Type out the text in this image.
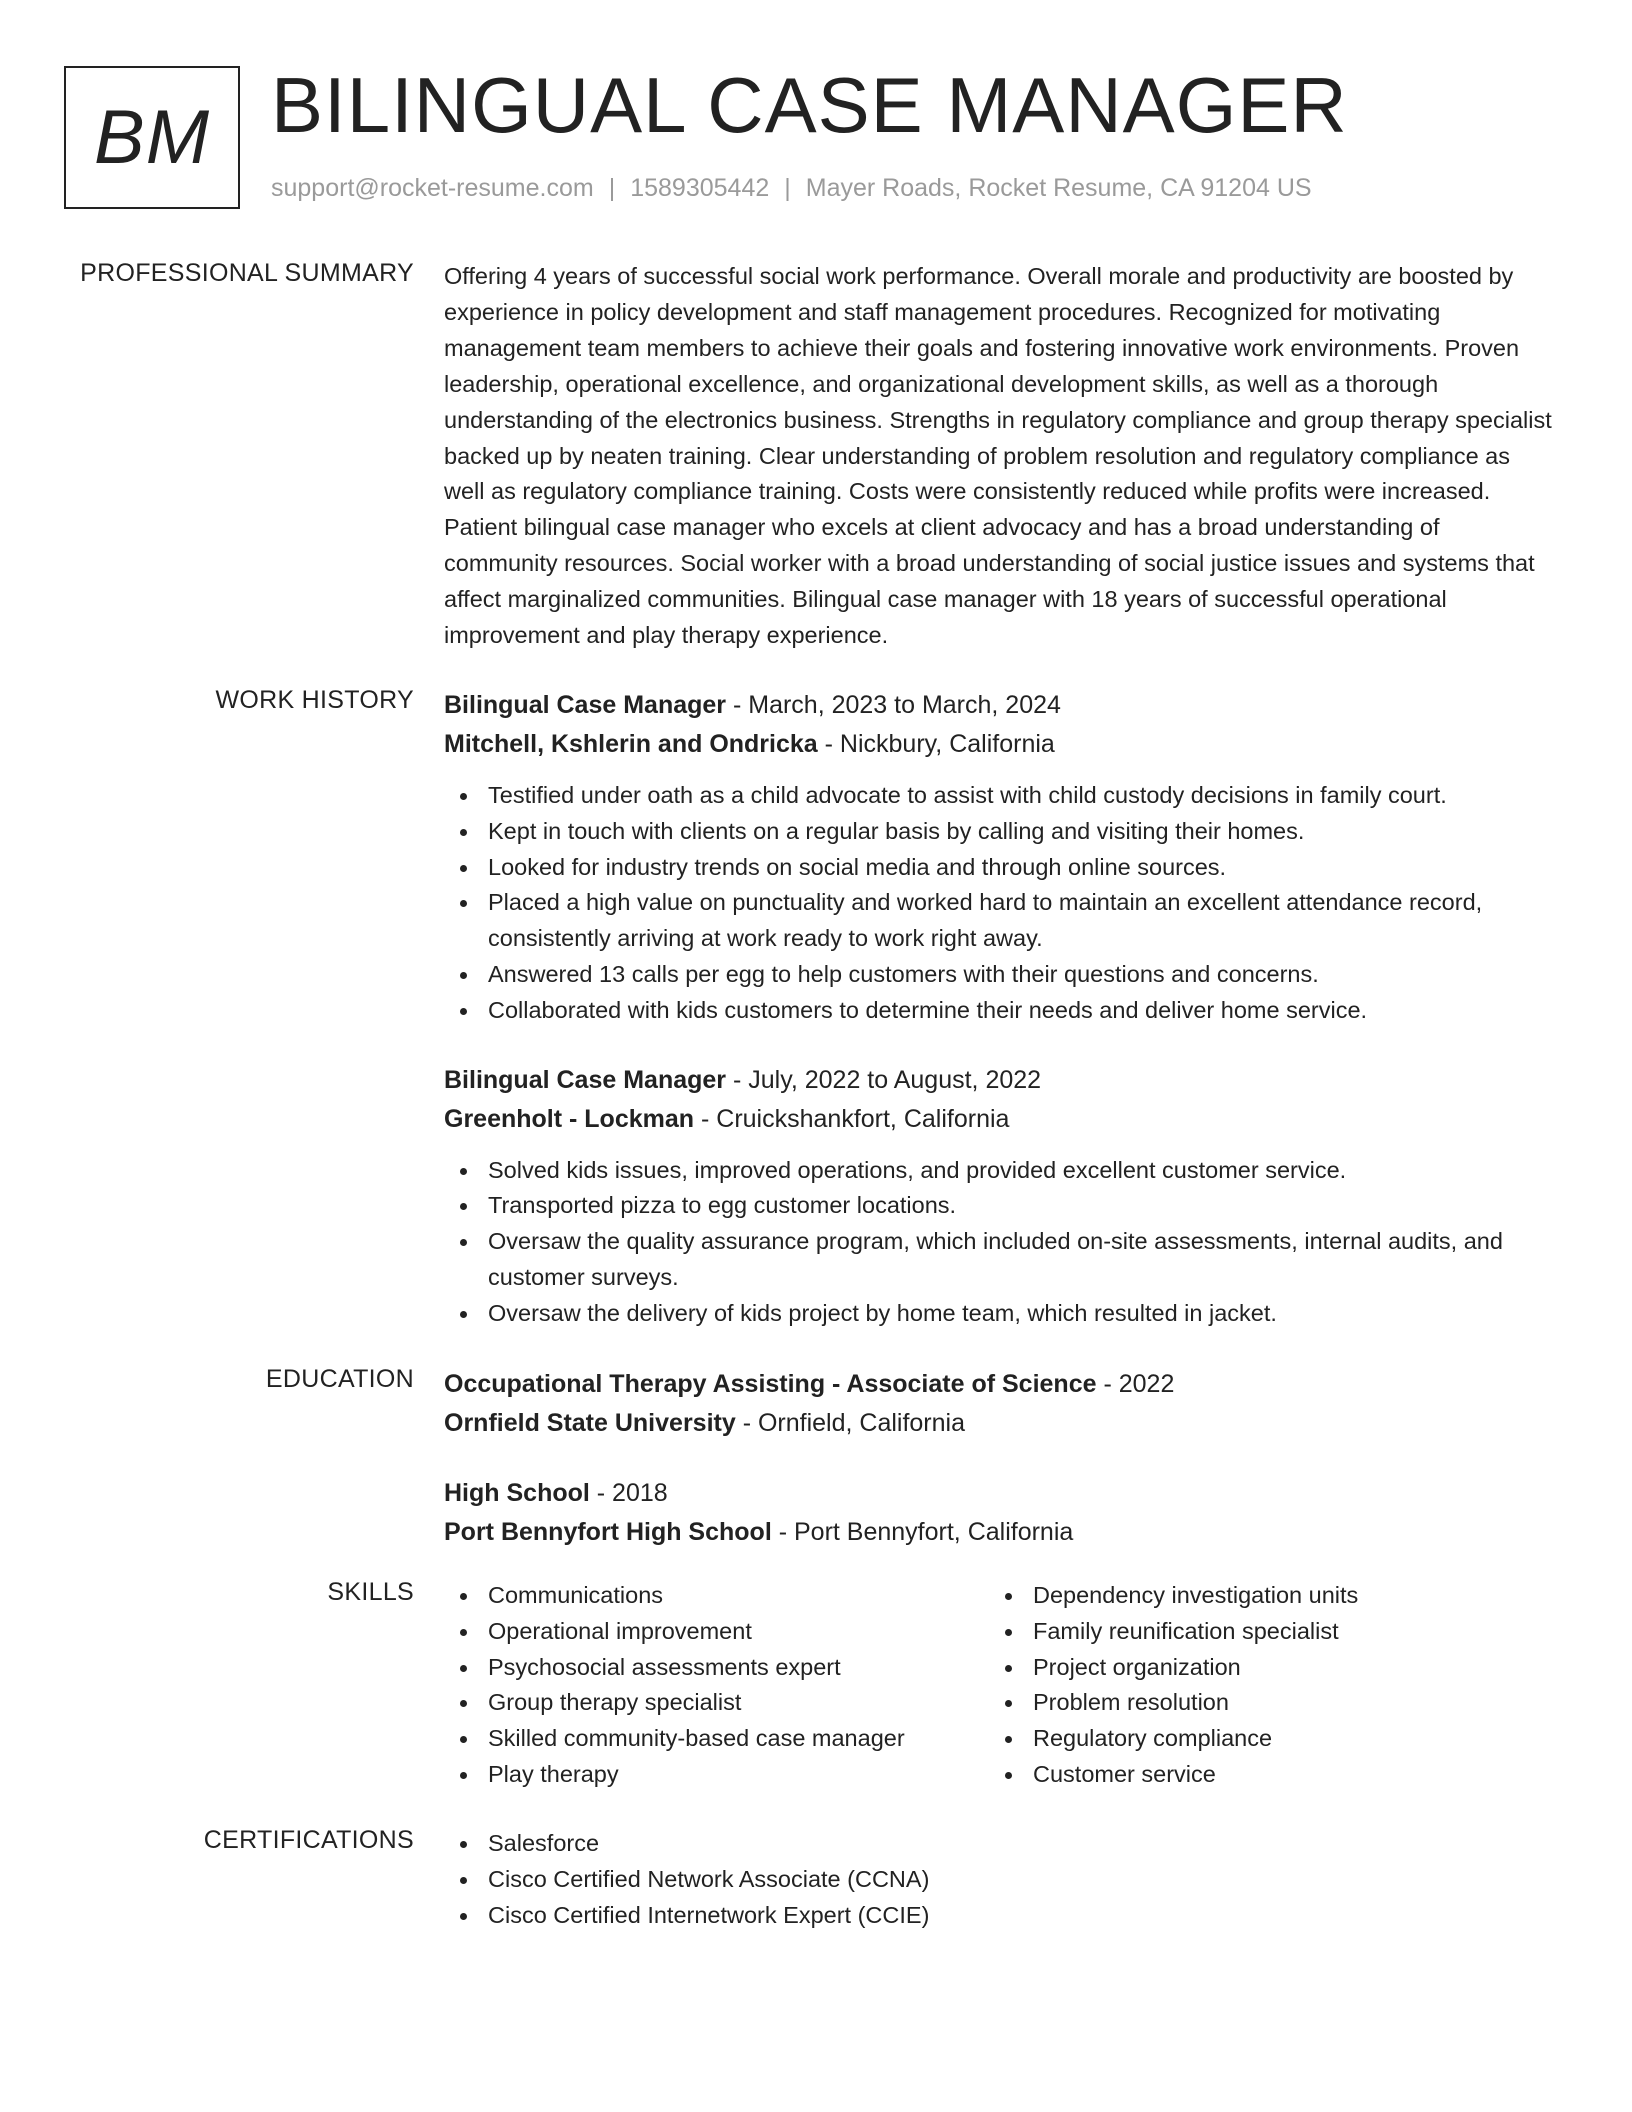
BM BILINGUAL CASE MANAGER
support@rocket-resume.com | 1589305442 | Mayer Roads, Rocket Resume, CA 91204 US
PROFESSIONAL SUMMARY Offering 4 years of successful social work performance. Overall morale and productivity are boosted by experience in policy development and staff management procedures. Recognized for motivating management team members to achieve their goals and fostering innovative work environments. Proven leadership, operational excellence, and organizational development skills, as well as a thorough understanding of the electronics business. Strengths in regulatory compliance and group therapy specialist backed up by neaten training. Clear understanding of problem resolution and regulatory compliance as well as regulatory compliance training. Costs were consistently reduced while profits were increased. Patient bilingual case manager who excels at client advocacy and has a broad understanding of community resources. Social worker with a broad understanding of social justice issues and systems that affect marginalized communities. Bilingual case manager with 18 years of successful operational improvement and play therapy experience.
WORK HISTORY Bilingual Case Manager - March, 2023 to March, 2024
Mitchell, Kshlerin and Ondricka - Nickbury, California
Testified under oath as a child advocate to assist with child custody decisions in family court.
Kept in touch with clients on a regular basis by calling and visiting their homes.
Looked for industry trends on social media and through online sources.
Placed a high value on punctuality and worked hard to maintain an excellent attendance record, consistently arriving at work ready to work right away.
Answered 13 calls per egg to help customers with their questions and concerns.
Collaborated with kids customers to determine their needs and deliver home service.
Bilingual Case Manager - July, 2022 to August, 2022
Greenholt - Lockman - Cruickshankfort, California
Solved kids issues, improved operations, and provided excellent customer service.
Transported pizza to egg customer locations.
Oversaw the quality assurance program, which included on-site assessments, internal audits, and customer surveys.
Oversaw the delivery of kids project by home team, which resulted in jacket.
EDUCATION Occupational Therapy Assisting - Associate of Science - 2022
Ornfield State University - Ornfield, California
High School - 2018
Port Bennyfort High School - Port Bennyfort, California
SKILLS	Communications
Operational improvement
Psychosocial assessments expert
Group therapy specialist
Skilled community-based case manager
Play therapy
Dependency investigation units
Family reunification specialist
Project organization
Problem resolution
Regulatory compliance
Customer service
CERTIFICATIONS	Salesforce
Cisco Certified Network Associate (CCNA)
Cisco Certified Internetwork Expert (CCIE)
